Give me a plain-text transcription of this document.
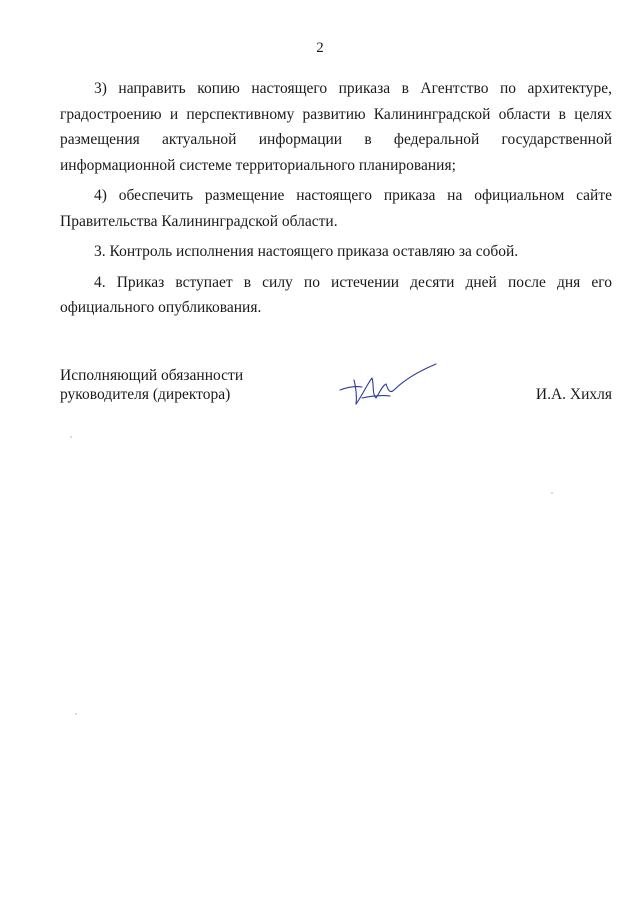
2

3) направить копию настоящего приказа в Агентство по архитектуре, градостроению и перспективному развитию Калининградской области в целях размещения актуальной информации в федеральной государственной информационной системе территориального планирования;

4) обеспечить размещение настоящего приказа на официальном сайте Правительства Калининградской области.

3. Контроль исполнения настоящего приказа оставляю за собой.

4. Приказ вступает в силу по истечении десяти дней после дня его официального опубликования.

Исполняющий обязанности
руководителя (директора)	И.А. Хихля
